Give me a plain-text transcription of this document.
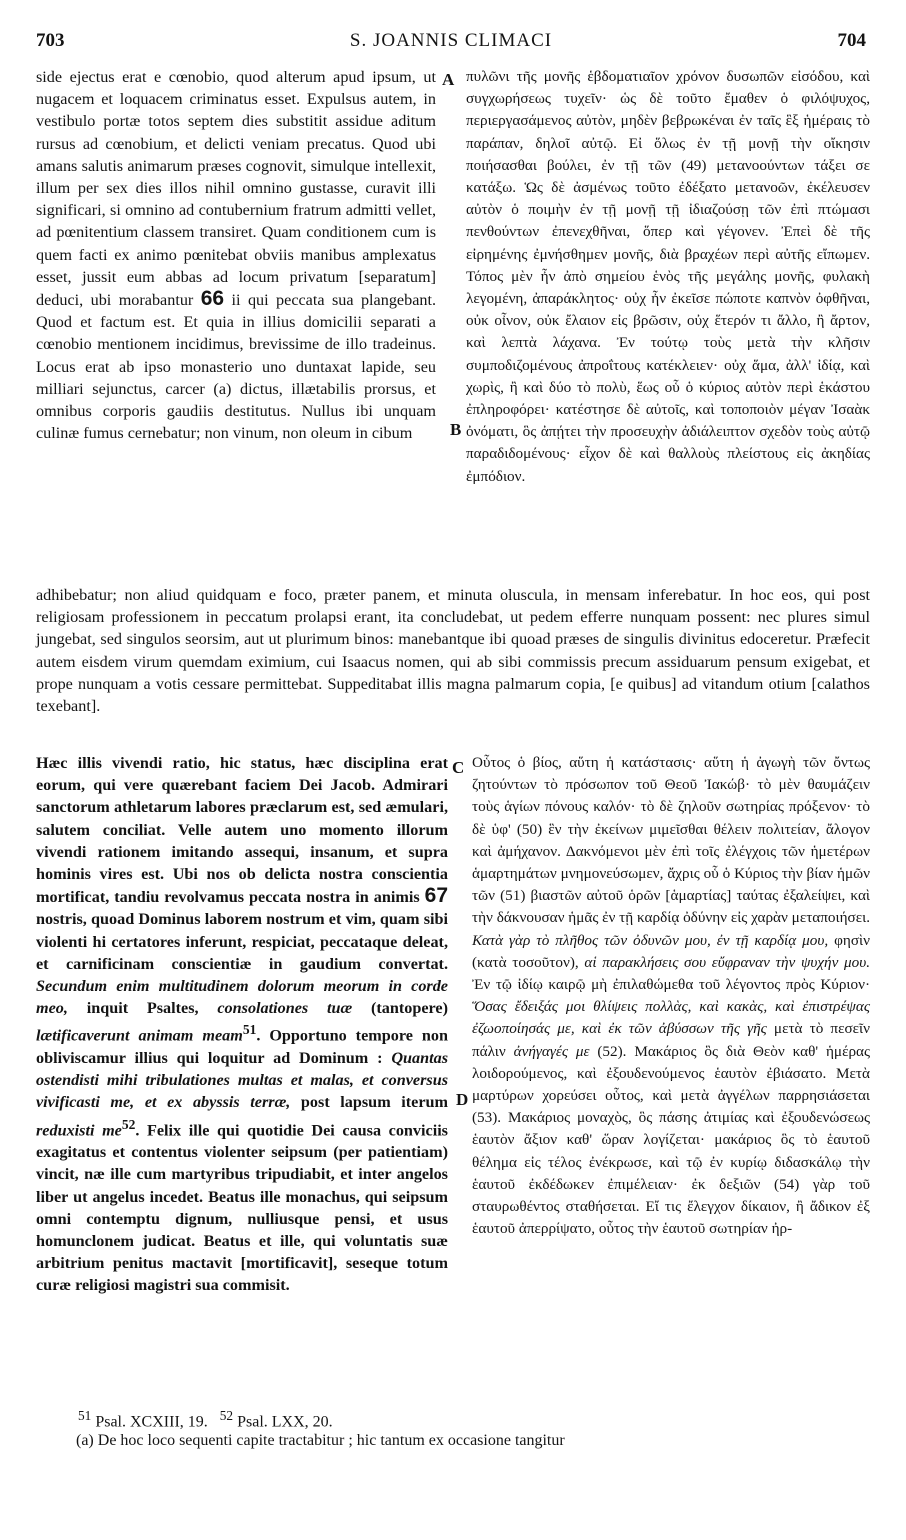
703	S. JOANNIS CLIMACI	704

side ejectus erat e cœnobio, quod alterum apud ipsum, ut nugacem et loquacem criminatus esset. Expulsus autem, in vestibulo portæ totos septem dies substitit assidue aditum rursus ad cœnobium, et delicti veniam precatus. Quod ubi amans salutis animarum præses cognovit, simulque intellexit, illum per sex dies illos nihil omnino gustasse, curavit illi significari, si omnino ad contubernium fratrum admitti vellet, ad pœnitentium classem transiret. Quam conditionem cum is quem facti ex animo pœnitebat obviis manibus amplexatus esset, jussit eum abbas ad locum privatum [separatum] deduci, ubi morabantur 66 ii qui peccata sua plangebant. Quod et factum est. Et quia in illius domicilii separati a cœnobio mentionem incidimus, brevissime de illo tradeinus. Locus erat ab ipso monasterio uno duntaxat lapide, seu milliari sejunctus, carcer (a) dictus, illætabilis prorsus, et omnibus corporis gaudiis destitutus. Nullus ibi unquam culinæ fumus cernebatur; non vinum, non oleum in cibum

A
B

πυλῶνι τῆς μονῆς ἑβδοματιαῖον χρόνον δυσωπῶν εἰσόδου, καὶ συγχωρήσεως τυχεῖν· ὡς δὲ τοῦτο ἔμαθεν ὁ φιλόψυχος, περιεργασάμενος αὐτὸν, μηδὲν βεβρωκέναι ἐν ταῖς ἓξ ἡμέραις τὸ παράπαν, δηλοῖ αὐτῷ. Εἰ ὅλως ἐν τῇ μονῇ τὴν οἴκησιν ποιήσασθαι βούλει, ἐν τῇ τῶν (49) μετανοούντων τάξει σε κατάξω. Ὡς δὲ ἀσμένως τοῦτο ἐδέξατο μετανοῶν, ἐκέλευσεν αὐτὸν ὁ ποιμὴν ἐν τῇ μονῇ τῇ ἰδιαζούσῃ τῶν ἐπὶ πτώμασι πενθούντων ἐπενεχθῆναι, ὅπερ καὶ γέγονεν. Ἐπεὶ δὲ τῆς εἰρημένης ἐμνήσθημεν μονῆς, διὰ βραχέων περὶ αὐτῆς εἴπωμεν. Τόπος μὲν ἦν ἀπὸ σημείου ἑνὸς τῆς μεγάλης μονῆς, φυλακὴ λεγομένη, ἀπαράκλητος· οὐχ ἦν ἐκεῖσε πώποτε καπνὸν ὀφθῆναι, οὐκ οἶνον, οὐκ ἔλαιον εἰς βρῶσιν, οὐχ ἕτερόν τι ἄλλο, ἢ ἄρτον, καὶ λεπτὰ λάχανα. Ἐν τούτῳ τοὺς μετὰ τὴν κλῆσιν συμποδιζομένους ἀπροΐτους κατέκλειεν· οὐχ ἅμα, ἀλλ' ἰδίᾳ, καὶ χωρὶς, ἢ καὶ δύο τὸ πολὺ, ἕως οὗ ὁ κύριος αὐτὸν περὶ ἑκάστου ἐπληροφόρει· κατέστησε δὲ αὐτοῖς, καὶ τοποποιὸν μέγαν Ἰσαὰκ ὀνόματι, ὃς ἀπῄτει τὴν προσευχὴν ἀδιάλειπτον σχεδὸν τοὺς αὐτῷ παραδιδομένους· εἶχον δὲ καὶ θαλλοὺς πλείστους εἰς ἀκηδίας ἐμπόδιον.

adhibebatur; non aliud quidquam e foco, præter panem, et minuta oluscula, in mensam inferebatur. In hoc eos, qui post religiosam professionem in peccatum prolapsi erant, ita concludebat, ut pedem efferre nunquam possent: nec plures simul jungebat, sed singulos seorsim, aut ut plurimum binos: manebantque ibi quoad præses de singulis divinitus edoceretur. Præfecit autem eisdem virum quemdam eximium, cui Isaacus nomen, qui ab sibi commissis precum assiduarum pensum exigebat, et prope nunquam a votis cessare permittebat. Suppeditabat illis magna palmarum copia, [e quibus] ad vitandum otium [calathos texebant].

C
D

Hæc illis vivendi ratio, hic status, hæc disciplina erat eorum, qui vere quærebant faciem Dei Jacob. Admirari sanctorum athletarum labores præclarum est, sed æmulari, salutem conciliat. Velle autem uno momento illorum vivendi rationem imitando assequi, insanum, et supra hominis vires est. Ubi nos ob delicta nostra conscientia mortificat, tandiu revolvamus peccata nostra in animis 67 nostris, quoad Dominus laborem nostrum et vim, quam sibi violenti hi certatores inferunt, respiciat, peccataque deleat, et carnificinam conscientiæ in gaudium convertat. Secundum enim multitudinem dolorum meorum in corde meo, inquit Psaltes, consolationes tuæ (tantopere) lætificaverunt animam meam$^{51}$. Opportuno tempore non obliviscamur illius qui loquitur ad Dominum : Quantas ostendisti mihi tribulationes multas et malas, et conversus vivificasti me, et ex abyssis terræ, post lapsum iterum reduxisti $me^{52}$. Felix ille qui quotidie Dei causa conviciis exagitatus et contentus violenter seipsum (per patientiam) vincit, næ ille cum martyribus tripudiabit, et inter angelos liber ut angelus incedet. Beatus ille monachus, qui seipsum omni contemptu dignum, nulliusque pensi, et usus homunclonem judicat. Beatus et ille, qui voluntatis suæ arbitrium penitus mactavit [mortificavit], seseque totum curæ religiosi magistri sua commisit.

Οὗτος ὁ βίος, αὕτη ἡ κατάστασις· αὕτη ἡ ἀγωγὴ τῶν ὄντως ζητούντων τὸ πρόσωπον τοῦ Θεοῦ Ἰακώβ· τὸ μὲν θαυμάζειν τοὺς ἁγίων πόνους καλόν· τὸ δὲ ζηλοῦν σωτηρίας πρόξενον· τὸ δὲ ὑφ' (50) ἓν τὴν ἐκείνων μιμεῖσθαι θέλειν πολιτείαν, ἄλογον καὶ ἀμήχανον. Δακνόμενοι μὲν ἐπὶ τοῖς ἐλέγχοις τῶν ἡμετέρων ἁμαρτημάτων μνημονεύσωμεν, ἄχρις οὗ ὁ Κύριος τὴν βίαν ἡμῶν τῶν (51) βιαστῶν αὐτοῦ ὁρῶν [ἁμαρτίας] ταύτας ἐξαλείψει, καὶ τὴν δάκνουσαν ἡμᾶς ἐν τῇ καρδίᾳ ὀδύνην εἰς χαρὰν μεταποιήσει. Κατὰ γὰρ τὸ πλῆθος τῶν ὀδυνῶν μου, ἐν τῇ καρδίᾳ μου, φησὶν (κατὰ τοσοῦτον), αἱ παρακλήσεις σου εὔφραναν τὴν ψυχήν μου. Ἐν τῷ ἰδίῳ καιρῷ μὴ ἐπιλαθώμεθα τοῦ λέγοντος πρὸς Κύριον· Ὅσας ἔδειξάς μοι θλίψεις πολλὰς, καὶ κακὰς, καὶ ἐπιστρέψας ἐζωοποίησάς με, καὶ ἐκ τῶν ἀβύσσων τῆς γῆς μετὰ τὸ πεσεῖν πάλιν ἀνήγαγές με (52). Μακάριος ὃς διὰ Θεὸν καθ' ἡμέρας λοιδορούμενος, καὶ ἐξουδενούμενος ἑαυτὸν ἐβιάσατο. Μετὰ μαρτύρων χορεύσει οὗτος, καὶ μετὰ ἀγγέλων παρρησιάσεται (53). Μακάριος μοναχὸς, ὃς πάσης ἀτιμίας καὶ ἐξουδενώσεως ἑαυτὸν ἄξιον καθ' ὥραν λογίζεται· μακάριος ὃς τὸ ἑαυτοῦ θέλημα εἰς τέλος ἐνέκρωσε, καὶ τῷ ἐν κυρίῳ διδασκάλῳ τὴν ἑαυτοῦ ἐκδέδωκεν ἐπιμέλειαν· ἐκ δεξιῶν (54) γὰρ τοῦ σταυρωθέντος σταθήσεται. Εἴ τις ἔλεγχον δίκαιον, ἢ ἄδικον ἐξ ἑαυτοῦ ἀπερρίψατο, οὗτος τὴν ἑαυτοῦ σωτηρίαν ἠρ-

$^{51}$ Psal. XCXIII, 19. $^{52}$ Psal. LXX, 20.
(a) De hoc loco sequenti capite tractabitur ; hic tantum ex occasione tangitur
